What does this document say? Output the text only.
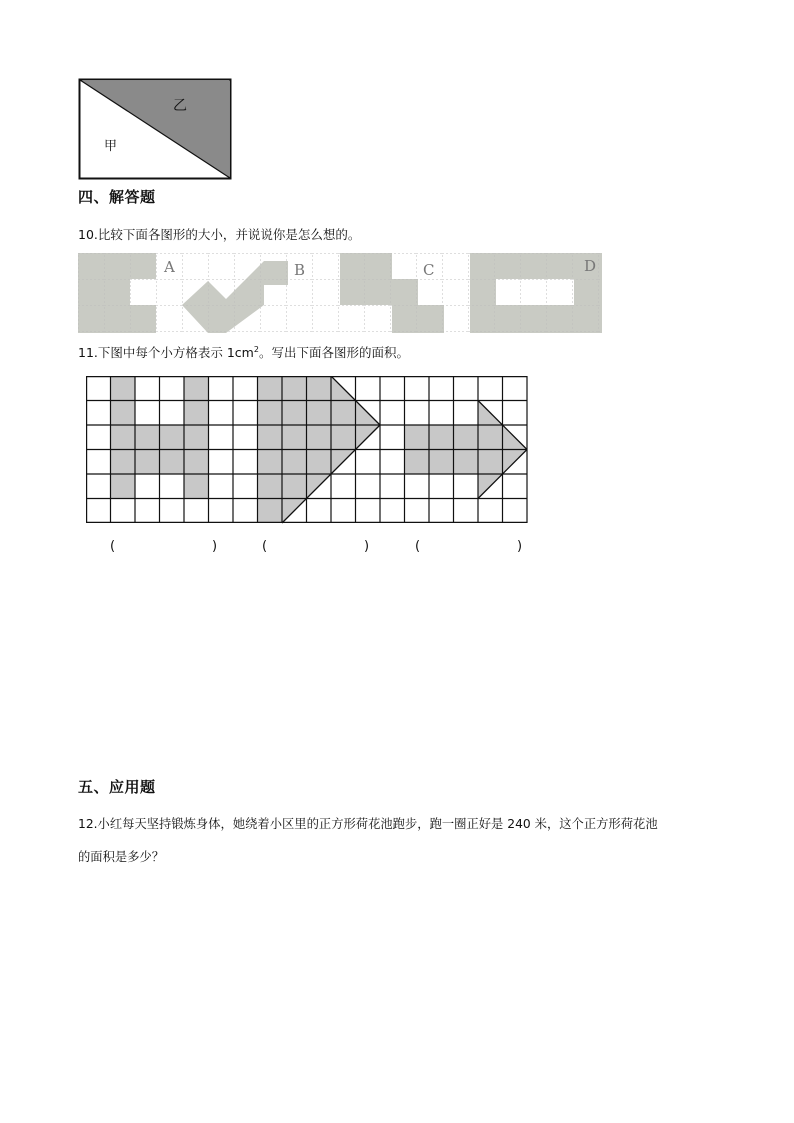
乙
甲
四、解答题
10.比较下面各图形的大小，并说说你是怎么想的。
A	B	C	D
11.下图中每个小方格表示 $1cm^2$。写出下面各图形的面积。
(	)	(	)	(	)
五、应用题
12.小红每天坚持锻炼身体，她绕着小区里的正方形荷花池跑步，跑一圈正好是 240 米，这个正方形荷花池
的面积是多少？
